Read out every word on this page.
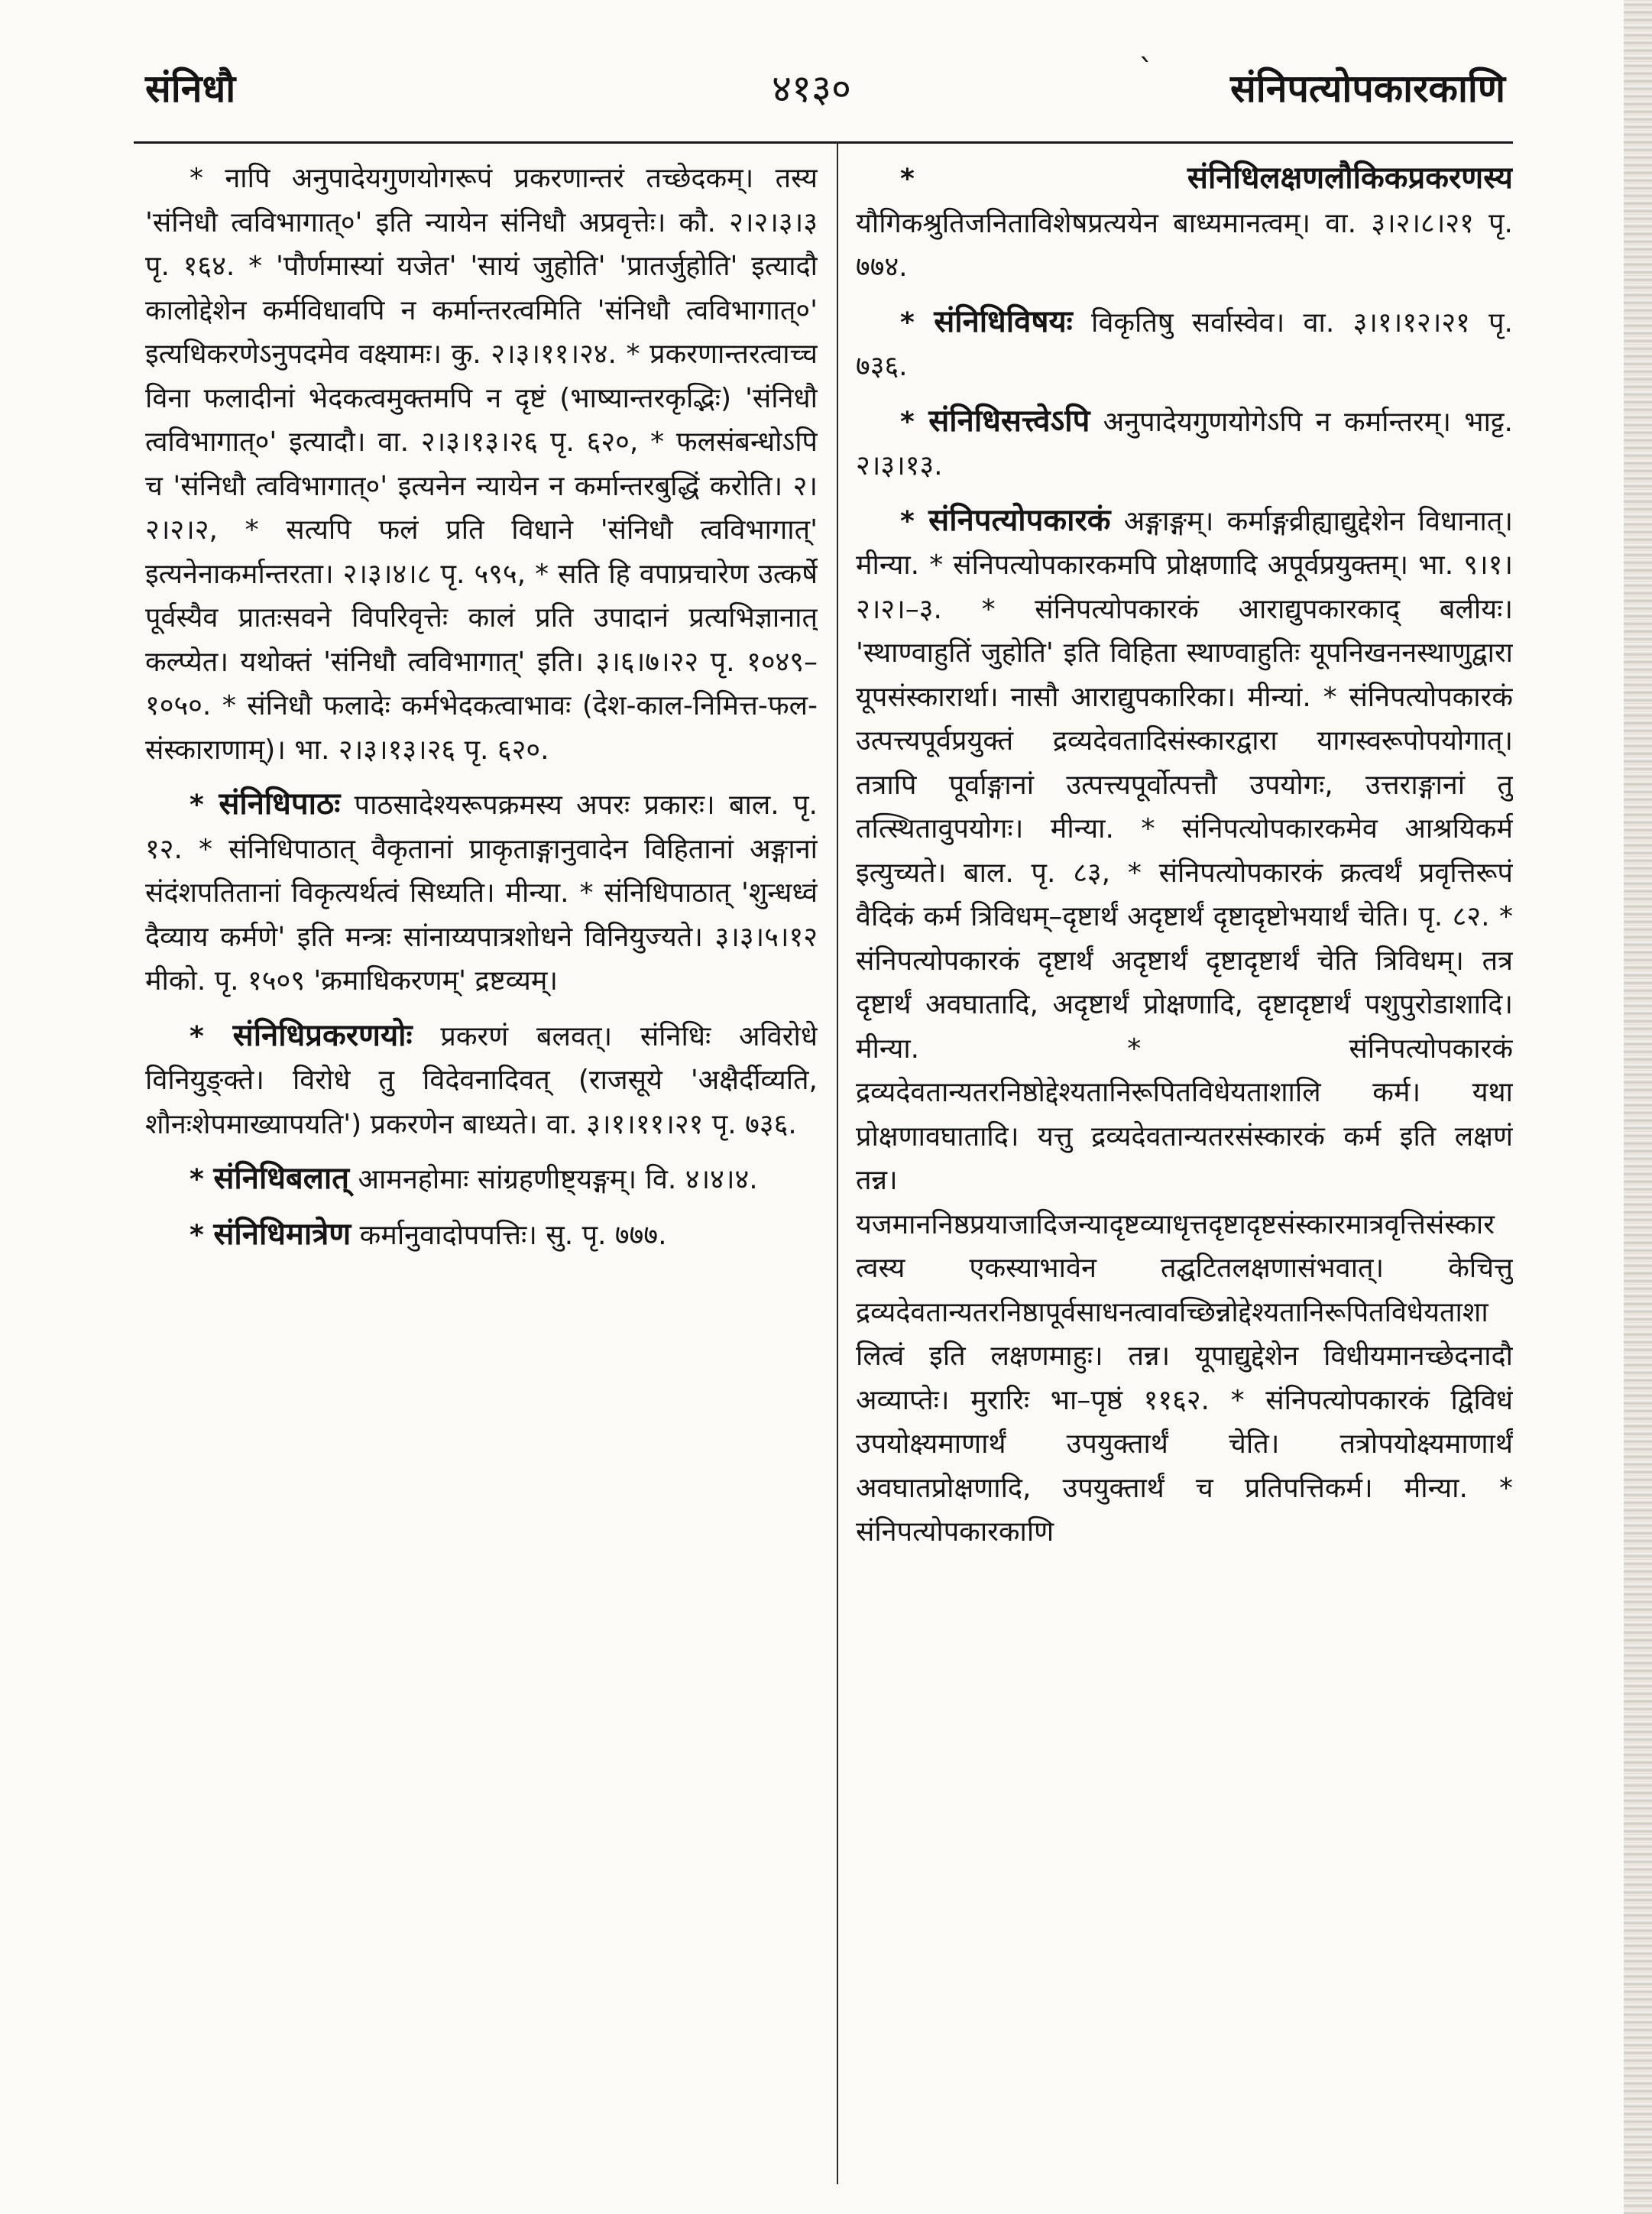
संनिधौ	४१३०	` संनिपत्योपकारकाणि

* नापि अनुपादेयगुणयोगरूपं प्रकरणान्तरं तच्छेदकम्। तस्य 'संनिधौ त्वविभागात्०' इति न्यायेन संनिधौ अप्रवृत्तेः। कौ. २।२।३।३ पृ. १६४. * 'पौर्णमास्यां यजेत' 'सायं जुहोति' 'प्रातर्जुहोति' इत्यादौ कालोद्देशेन कर्मविधावपि न कर्मान्तरत्वमिति 'संनिधौ त्वविभागात्०' इत्यधिकरणेऽनुपदमेव वक्ष्यामः। कु. २।३।११।२४. * प्रकरणान्तरत्वाच्च विना फलादीनां भेदकत्वमुक्तमपि न दृष्टं (भाष्यान्तरकृद्भिः) 'संनिधौ त्वविभागात्०' इत्यादौ। वा. २।३।१३।२६ पृ. ६२०, * फलसंबन्धोऽपि च 'संनिधौ त्वविभागात्०' इत्यनेन न्यायेन न कर्मान्तरबुद्धिं करोति। २।२।२।२, * सत्यपि फलं प्रति विधाने 'संनिधौ त्वविभागात्' इत्यनेनाकर्मान्तरता। २।३।४।८ पृ. ५९५, * सति हि वपाप्रचारेण उत्कर्षे पूर्वस्यैव प्रातःसवने विपरिवृत्तेः कालं प्रति उपादानं प्रत्यभिज्ञानात् कल्प्येत। यथोक्तं 'संनिधौ त्वविभागात्' इति। ३।६।७।२२ पृ. १०४९–१०५०. * संनिधौ फलादेः कर्मभेदकत्वाभावः (देश-काल-निमित्त-फल-संस्काराणाम्)। भा. २।३।१३।२६ पृ. ६२०.

* संनिधिपाठः पाठसादेश्यरूपक्रमस्य अपरः प्रकारः। बाल. पृ. १२. * संनिधिपाठात् वैकृतानां प्राकृताङ्गानुवादेन विहितानां अङ्गानां संदंशपतितानां विकृत्यर्थत्वं सिध्यति। मीन्या. * संनिधिपाठात् 'शुन्धध्वं दैव्याय कर्मणे' इति मन्त्रः सांनाय्यपात्रशोधने विनियुज्यते। ३।३।५।१२ मीको. पृ. १५०९ 'क्रमाधिकरणम्' द्रष्टव्यम्।

* संनिधिप्रकरणयोः प्रकरणं बलवत्। संनिधिः अविरोधे विनियुङ्क्ते। विरोधे तु विदेवनादिवत् (राजसूये 'अक्षैर्दीव्यति, शौनःशेपमाख्यापयति') प्रकरणेन बाध्यते। वा. ३।१।११।२१ पृ. ७३६.

* संनिधिबलात् आमनहोमाः सांग्रहणीष्ट्यङ्गम्। वि. ४।४।४.

* संनिधिमात्रेण कर्मानुवादोपपत्तिः। सु. पृ. ७७७.

* संनिधिलक्षणलौकिकप्रकरणस्य यौगिकश्रुतिजनिताविशेषप्रत्ययेन बाध्यमानत्वम्। वा. ३।२।८।२१ पृ. ७७४.

* संनिधिविषयः विकृतिषु सर्वास्वेव। वा. ३।१।१२।२१ पृ. ७३६.

* संनिधिसत्त्वेऽपि अनुपादेयगुणयोगेऽपि न कर्मान्तरम्। भाट्ट. २।३।१३.

* संनिपत्योपकारकं अङ्गाङ्गम्। कर्माङ्गव्रीह्याद्युद्देशेन विधानात्। मीन्या. * संनिपत्योपकारकमपि प्रोक्षणादि अपूर्वप्रयुक्तम्। भा. ९।१।२।२।–३. * संनिपत्योपकारकं आराद्युपकारकाद् बलीयः। 'स्थाण्वाहुतिं जुहोति' इति विहिता स्थाण्वाहुतिः यूपनिखननस्थाणुद्वारा यूपसंस्कारार्था। नासौ आराद्युपकारिका। मीन्यां. * संनिपत्योपकारकं उत्पत्त्यपूर्वप्रयुक्तं द्रव्यदेवतादिसंस्कारद्वारा यागस्वरूपोपयोगात्। तत्रापि पूर्वाङ्गानां उत्पत्त्यपूर्वोत्पत्तौ उपयोगः, उत्तराङ्गानां तु तत्स्थितावुपयोगः। मीन्या. * संनिपत्योपकारकमेव आश्रयिकर्म इत्युच्यते। बाल. पृ. ८३, * संनिपत्योपकारकं क्रत्वर्थं प्रवृत्तिरूपं वैदिकं कर्म त्रिविधम्–दृष्टार्थं अदृष्टार्थं दृष्टादृष्टोभयार्थं चेति। पृ. ८२. * संनिपत्योपकारकं दृष्टार्थं अदृष्टार्थं दृष्टादृष्टार्थं चेति त्रिविधम्। तत्र दृष्टार्थं अवघातादि, अदृष्टार्थं प्रोक्षणादि, दृष्टादृष्टार्थं पशुपुरोडाशादि। मीन्या. * संनिपत्योपकारकं द्रव्यदेवतान्यतरनिष्ठोद्देश्यतानिरूपितविधेयताशालि कर्म। यथा प्रोक्षणावघातादि। यत्तु द्रव्यदेवतान्यतरसंस्कारकं कर्म इति लक्षणं तन्न। यजमाननिष्ठप्रयाजादिजन्यादृष्टव्याधृत्तदृष्टादृष्टसंस्कारमात्रवृत्तिसंस्कारत्वस्य एकस्याभावेन तद्घटितलक्षणासंभवात्। केचित्तु द्रव्यदेवतान्यतरनिष्ठापूर्वसाधनत्वावच्छिन्नोद्देश्यतानिरूपितविधेयताशालित्वं इति लक्षणमाहुः। तन्न। यूपाद्युद्देशेन विधीयमानच्छेदनादौ अव्याप्तेः। मुरारिः भा–पृष्ठं ११६२. * संनिपत्योपकारकं द्विविधं उपयोक्ष्यमाणार्थं उपयुक्तार्थं चेति। तत्रोपयोक्ष्यमाणार्थं अवघातप्रोक्षणादि, उपयुक्तार्थं च प्रतिपत्तिकर्म। मीन्या. * संनिपत्योपकारकाणि
